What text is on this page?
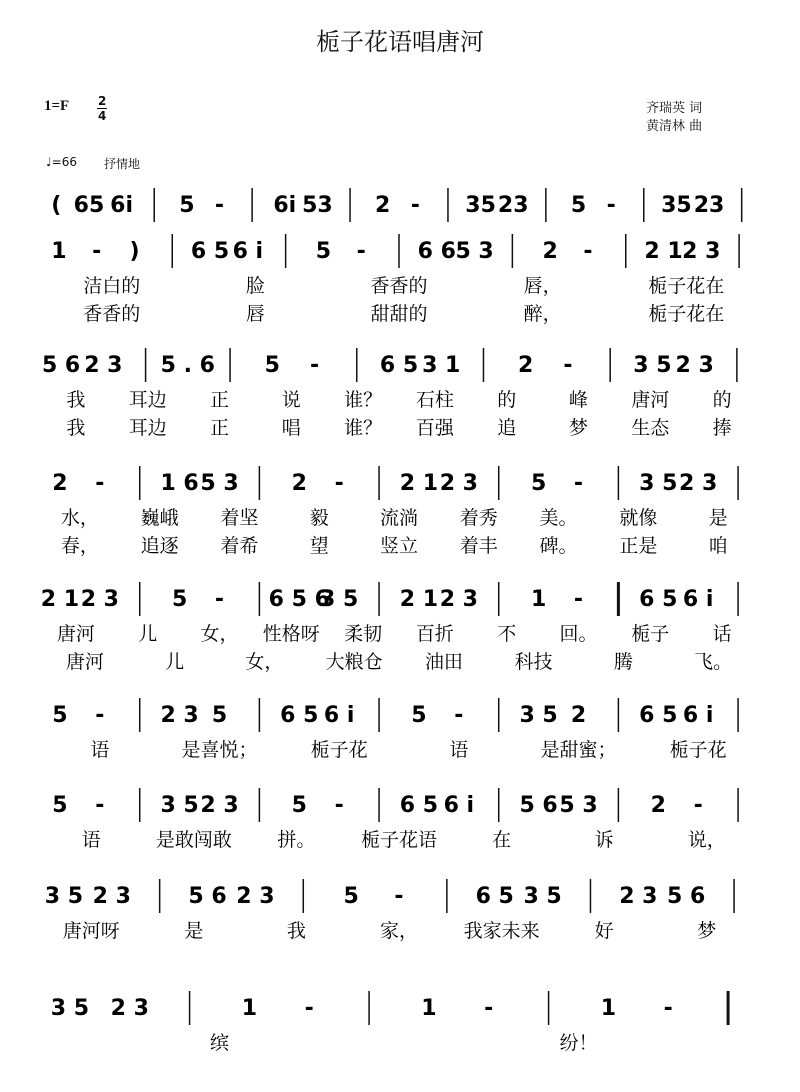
栀子花语唱唐河
1=F 2
4	齐瑞英 词
黄清林 曲
♩=66 抒情地
( 65 6i 5 - 6i 53 2 - 35 23 5 - 35 23
1 - ) 6 5 6 i 5 - 6 6 5 3 2 - 2 1 2 3
洁白的	脸	香香的	唇，	栀子花在
香香的	唇	甜甜的	醉，	栀子花在
5 6 2 3 5 . 6 5 -	6 5 3 1	2 -	3 5 2 3
我 耳边 正	说 谁？ 石柱 的	峰 唐河 的
我 耳边 正	唱 谁？ 百强 追	梦 生态 捧
2 -	1 6 5 3 2 -	2 1 2 3 5 -	3 5 2 3
水， 巍峨 着坚	毅	流淌 着秀 美。 就像	是
春， 追逐 着希	望	竖立 着丰 碑。 正是	咱
2 1 2 3 5 - 6 5 6
3 5 2 1 2 3 1 -	6 5 6 i
唐河 儿 女， 性格呀 柔韧 百折 不 回。 栀子 话
唐河	儿	女， 大粮仓 油田	科技	腾	飞。
5 -	2 3 5 6 5 6 i	5 -	3 5 2 6 5 6 i
语	是喜悦；	栀子花	语	是甜蜜；	栀子花
5 -	3 5 2 3 5 -	6 5 6 i 5 6 5 3 2 -
语	是敢闯敢 拼。 栀子花语	在	诉	说，
3 5 2 3	5 6 2 3	5 -	6 5 3 5	2 3 5 6
唐河呀	是	我	家， 我家未来	好	梦
3 5 2 3	1 -	1 -	1 -
缤	纷！
